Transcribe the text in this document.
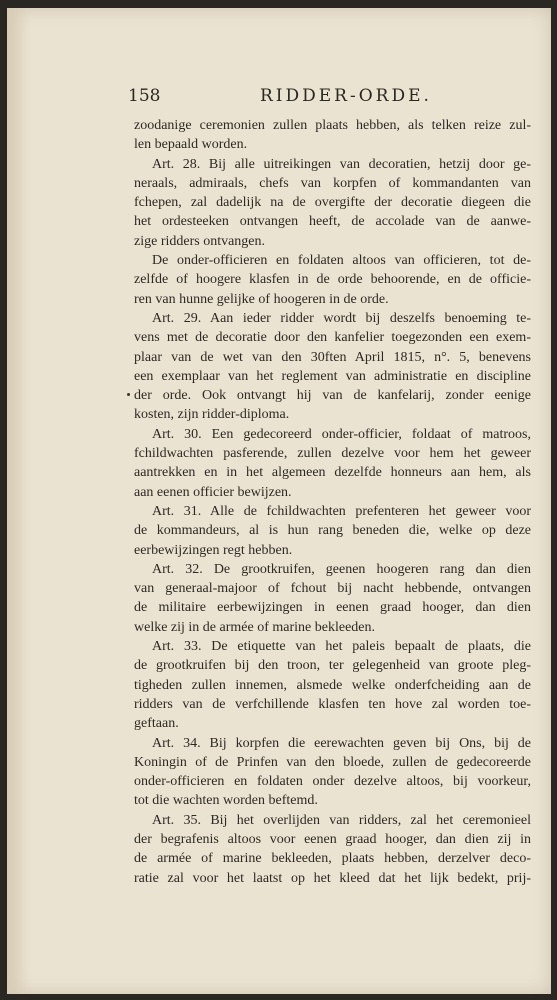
158	RIDDER-ORDE.
zoodanige ceremonien zullen plaats hebben, als telken reize zul-
len bepaald worden.
Art. 28. Bij alle uitreikingen van decoratien, hetzij door ge-
neraals, admiraals, chefs van korpfen of kommandanten van
fchepen, zal dadelijk na de overgifte der decoratie diegeen die
het ordesteeken ontvangen heeft, de accolade van de aanwe-
zige ridders ontvangen.
De onder-officieren en foldaten altoos van officieren, tot de-
zelfde of hoogere klasfen in de orde behoorende, en de officie-
ren van hunne gelijke of hoogeren in de orde.
Art. 29. Aan ieder ridder wordt bij deszelfs benoeming te-
vens met de decoratie door den kanfelier toegezonden een exem-
plaar van de wet van den 30ften April 1815, n°. 5, benevens
een exemplaar van het reglement van administratie en discipline
der orde. Ook ontvangt hij van de kanfelarij, zonder eenige
kosten, zijn ridder-diploma.
Art. 30. Een gedecoreerd onder-officier, foldaat of matroos,
fchildwachten pasferende, zullen dezelve voor hem het geweer
aantrekken en in het algemeen dezelfde honneurs aan hem, als
aan eenen officier bewijzen.
Art. 31. Alle de fchildwachten prefenteren het geweer voor
de kommandeurs, al is hun rang beneden die, welke op deze
eerbewijzingen regt hebben.
Art. 32. De grootkruifen, geenen hoogeren rang dan dien
van generaal-majoor of fchout bij nacht hebbende, ontvangen
de militaire eerbewijzingen in eenen graad hooger, dan dien
welke zij in de armée of marine bekleeden.
Art. 33. De etiquette van het paleis bepaalt de plaats, die
de grootkruifen bij den troon, ter gelegenheid van groote pleg-
tigheden zullen innemen, alsmede welke onderfcheiding aan de
ridders van de verfchillende klasfen ten hove zal worden toe-
geftaan.
Art. 34. Bij korpfen die eerewachten geven bij Ons, bij de
Koningin of de Prinfen van den bloede, zullen de gedecoreerde
onder-officieren en foldaten onder dezelve altoos, bij voorkeur,
tot die wachten worden beftemd.
Art. 35. Bij het overlijden van ridders, zal het ceremonieel
der begrafenis altoos voor eenen graad hooger, dan dien zij in
de armée of marine bekleeden, plaats hebben, derzelver deco-
ratie zal voor het laatst op het kleed dat het lijk bedekt, prij-
